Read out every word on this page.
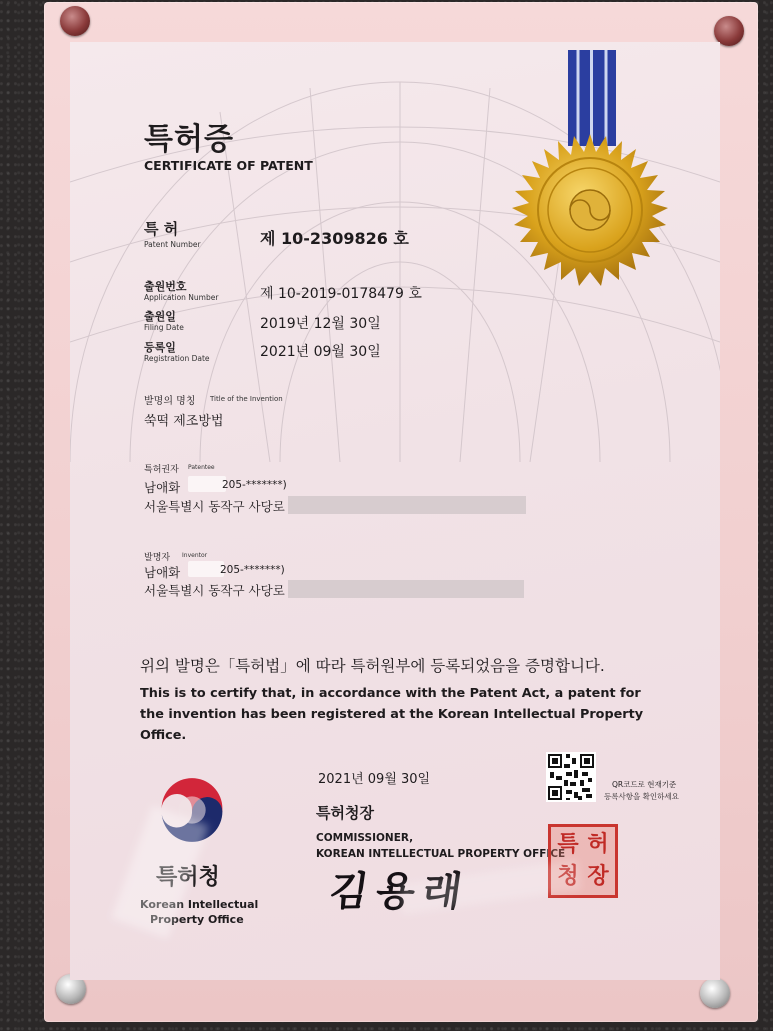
특허증
CERTIFICATE OF PATENT
특 허
Patent Number	제 10-2309826 호
출원번호
Application Number	제 10-2019-0178479 호
출원일
Filing Date	2019년 12월 30일
등록일
Registration Date	2021년 09월 30일
발명의 명칭 Title of the Invention
쑥떡 제조방법
특허권자 Patentee
남애화	205-*******)
서울특별시 동작구 사당로
발명자 Inventor
남애화	205-*******)
서울특별시 동작구 사당로
위의 발명은「특허법」에 따라 특허원부에 등록되었음을 증명합니다.
This is to certify that, in accordance with the Patent Act, a patent for the invention has been registered at the Korean Intellectual Property Office.
2021년 09월 30일	QR코드로 현재기준
등록사항을 확인하세요
특허청장
COMMISSIONER,
KOREAN INTELLECTUAL PROPERTY OFFICE
김용래
특 허
청 장
특허청
Korean Intellectual
Property Office
